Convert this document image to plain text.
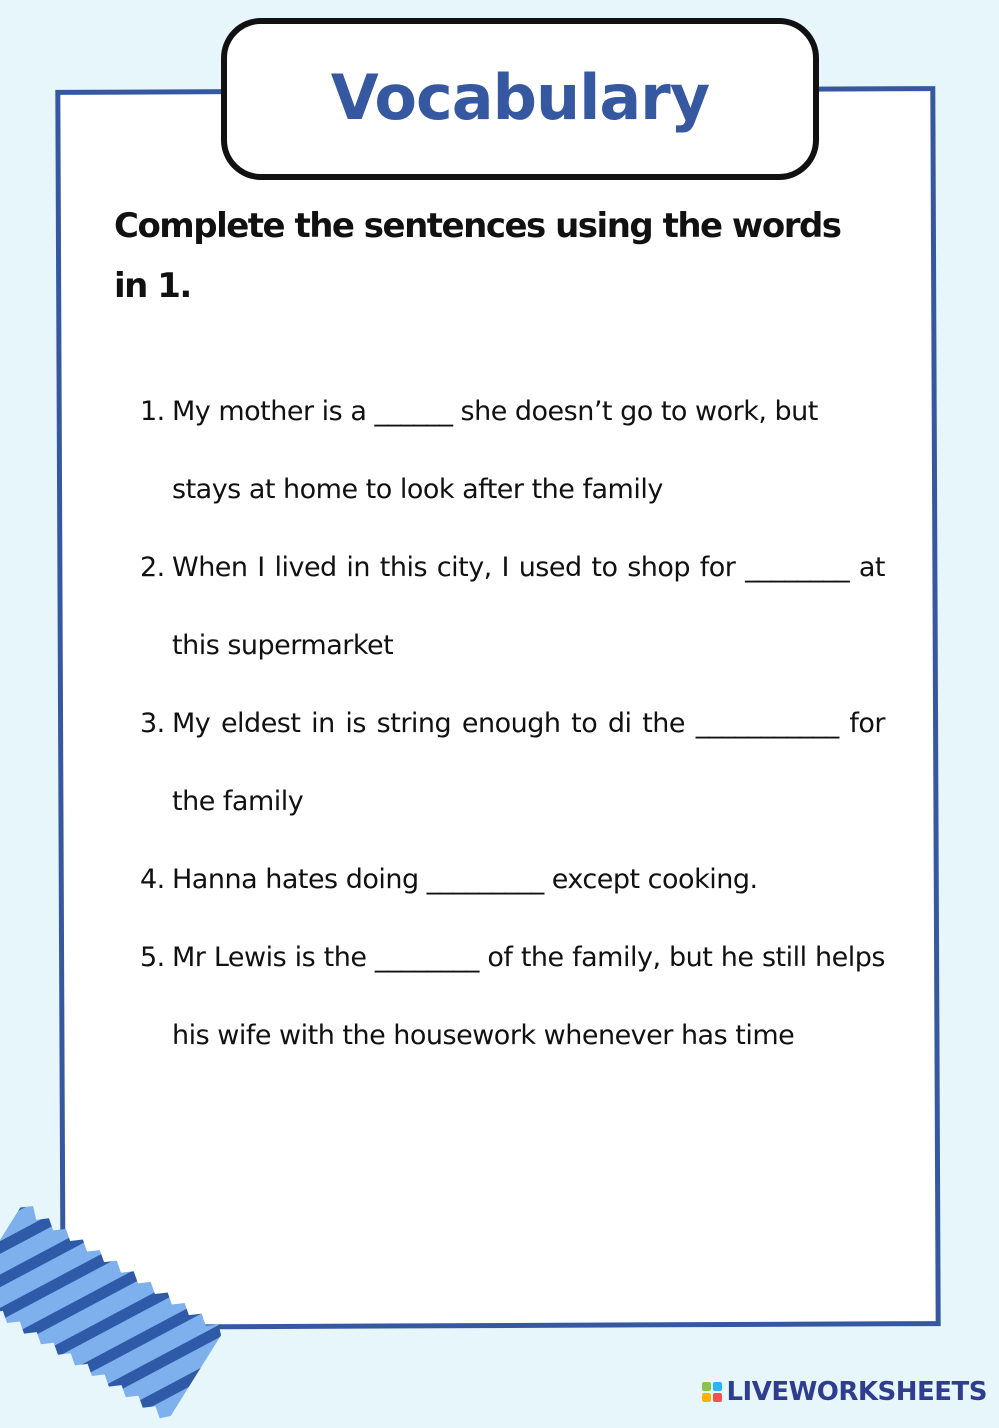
Vocabulary

Complete the sentences using the words in 1.

1. My mother is a ______ she doesn’t go to work, but stays at home to look after the family
2. When I lived in this city, I used to shop for ________ at this supermarket
3. My eldest in is string enough to di the ___________ for the family
4. Hanna hates doing _________ except cooking.
5. Mr Lewis is the ________ of the family, but he still helps his wife with the housework whenever has time
LIVEWORKSHEETS
